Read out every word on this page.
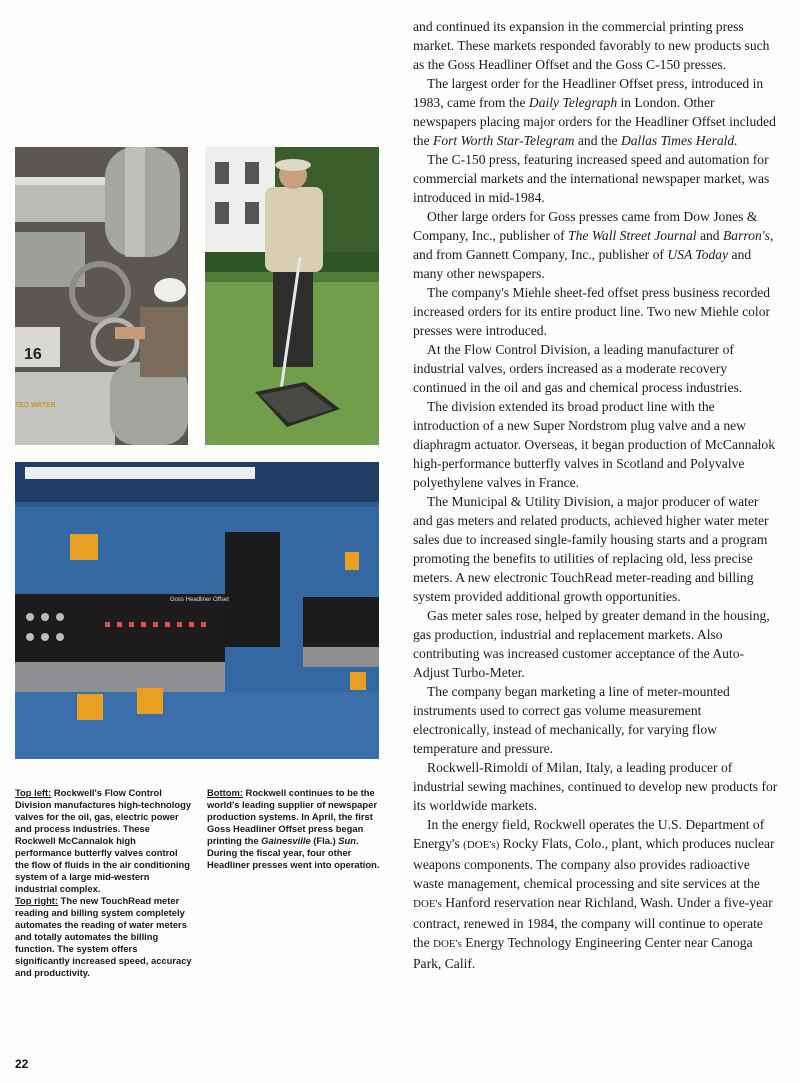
16
TED WATER
Goss Headliner Offset

Top left: Rockwell's Flow Control Division manufactures high-technology valves for the oil, gas, electric power and process industries. These Rockwell McCannalok high performance butterfly valves control the flow of fluids in the air conditioning system of a large mid-western industrial complex.

Top right: The new TouchRead meter reading and billing system completely automates the reading of water meters and totally automates the billing function. The system offers significantly increased speed, accuracy and productivity.

Bottom: Rockwell continues to be the world's leading supplier of newspaper production systems. In April, the first Goss Headliner Offset press began printing the Gainesville (Fla.) Sun. During the fiscal year, four other Headliner presses went into operation.

and continued its expansion in the commercial printing press market. These markets responded favorably to new products such as the Goss Headliner Offset and the Goss C-150 presses.

The largest order for the Headliner Offset press, introduced in 1983, came from the Daily Telegraph in London. Other newspapers placing major orders for the Headliner Offset included the Fort Worth Star-Telegram and the Dallas Times Herald.

The C-150 press, featuring increased speed and automation for commercial markets and the international newspaper market, was introduced in mid-1984.

Other large orders for Goss presses came from Dow Jones & Company, Inc., publisher of The Wall Street Journal and Barron's, and from Gannett Company, Inc., publisher of USA Today and many other newspapers.

The company's Miehle sheet-fed offset press business recorded increased orders for its entire product line. Two new Miehle color presses were introduced.

At the Flow Control Division, a leading manufacturer of industrial valves, orders increased as a moderate recovery continued in the oil and gas and chemical process industries.

The division extended its broad product line with the introduction of a new Super Nordstrom plug valve and a new diaphragm actuator. Overseas, it began production of McCannalok high-performance butterfly valves in Scotland and Polyvalve polyethylene valves in France.

The Municipal & Utility Division, a major producer of water and gas meters and related products, achieved higher water meter sales due to increased single-family housing starts and a program promoting the benefits to utilities of replacing old, less precise meters. A new electronic TouchRead meter-reading and billing system provided additional growth opportunities.

Gas meter sales rose, helped by greater demand in the housing, gas production, industrial and replacement markets. Also contributing was increased customer acceptance of the Auto-Adjust Turbo-Meter.

The company began marketing a line of meter-mounted instruments used to correct gas volume measurement electronically, instead of mechanically, for varying flow temperature and pressure.

Rockwell-Rimoldi of Milan, Italy, a leading producer of industrial sewing machines, continued to develop new products for its worldwide markets.

In the energy field, Rockwell operates the U.S. Department of Energy's (DOE's) Rocky Flats, Colo., plant, which produces nuclear weapons components. The company also provides radioactive waste management, chemical processing and site services at the DOE's Hanford reservation near Richland, Wash. Under a five-year contract, renewed in 1984, the company will continue to operate the DOE's Energy Technology Engineering Center near Canoga Park, Calif.

22
